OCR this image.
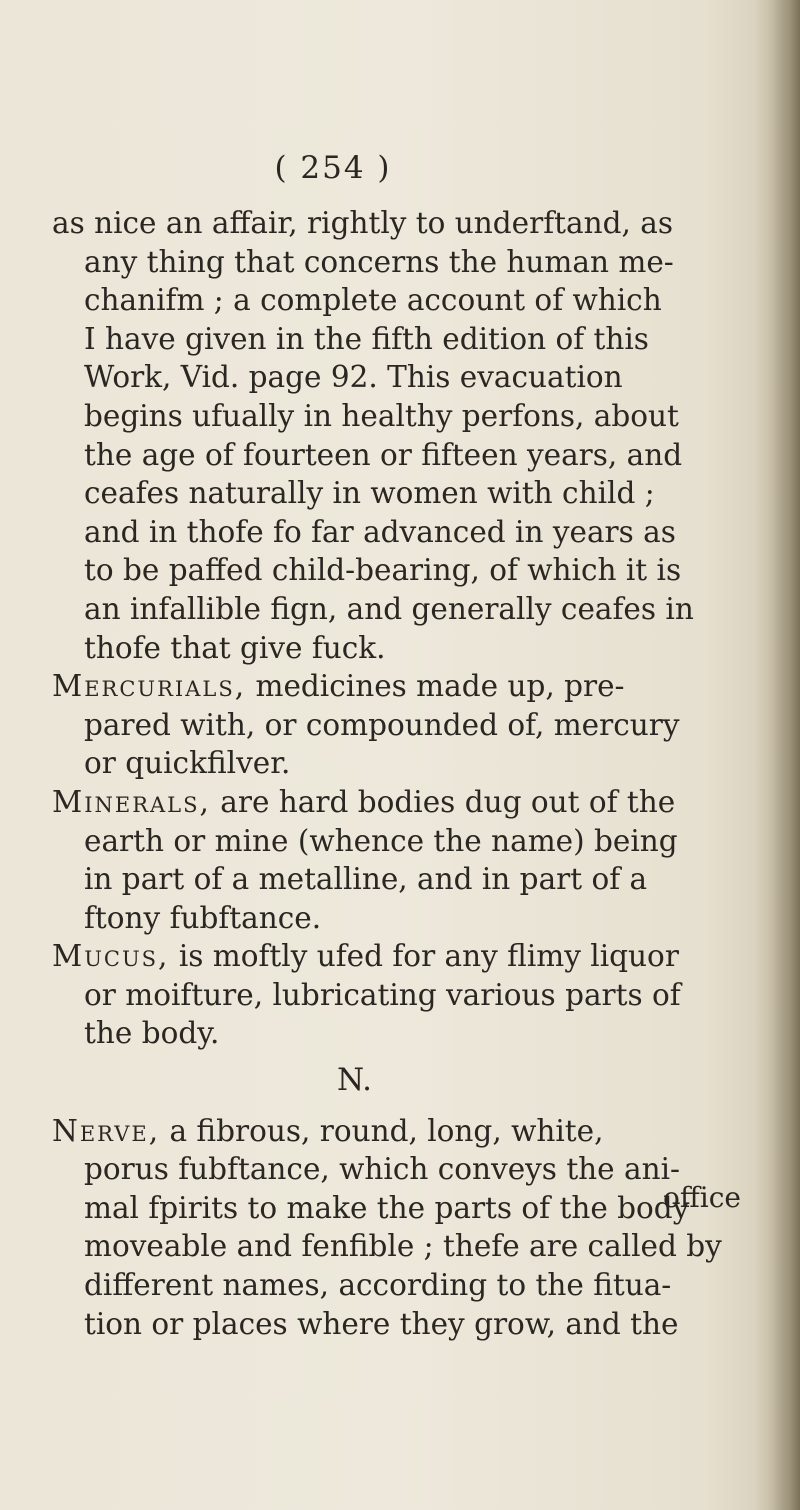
( 254 )
as nice an affair, rightly to underftand, as
any thing that concerns the human me-
chanifm ; a complete account of which
I have given in the fifth edition of this
Work, Vid. page 92. This evacuation
begins ufually in healthy perfons, about
the age of fourteen or fifteen years, and
ceafes naturally in women with child ;
and in thofe fo far advanced in years as
to be paffed child-bearing, of which it is
an infallible fign, and generally ceafes in
thofe that give fuck.
Mercurials, medicines made up, pre-
pared with, or compounded of, mercury
or quickfilver.
Minerals, are hard bodies dug out of the
earth or mine (whence the name) being
in part of a metalline, and in part of a
ftony fubftance.
Mucus, is moftly ufed for any flimy liquor
or moifture, lubricating various parts of
the body.
N.
Nerve, a fibrous, round, long, white,
porus fubftance, which conveys the ani-
mal fpirits to make the parts of the body
moveable and fenfible ; thefe are called by
different names, according to the fitua-
tion or places where they grow, and the
office
